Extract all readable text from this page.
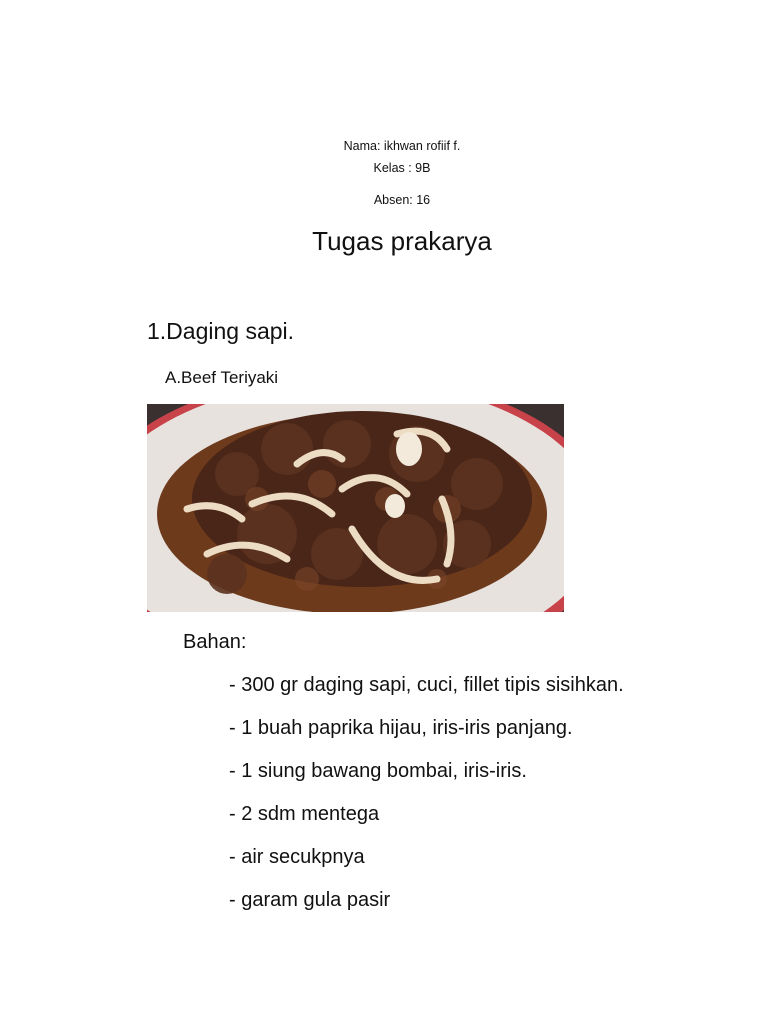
Nama: ikhwan rofiif f.
Kelas : 9B
Absen: 16
Tugas prakarya
1.Daging sapi.
A.Beef Teriyaki
Bahan:
- 300 gr daging sapi, cuci, fillet tipis sisihkan.
- 1 buah paprika hijau, iris-iris panjang.
- 1 siung bawang bombai, iris-iris.
- 2 sdm mentega
- air secukpnya
- garam gula pasir
